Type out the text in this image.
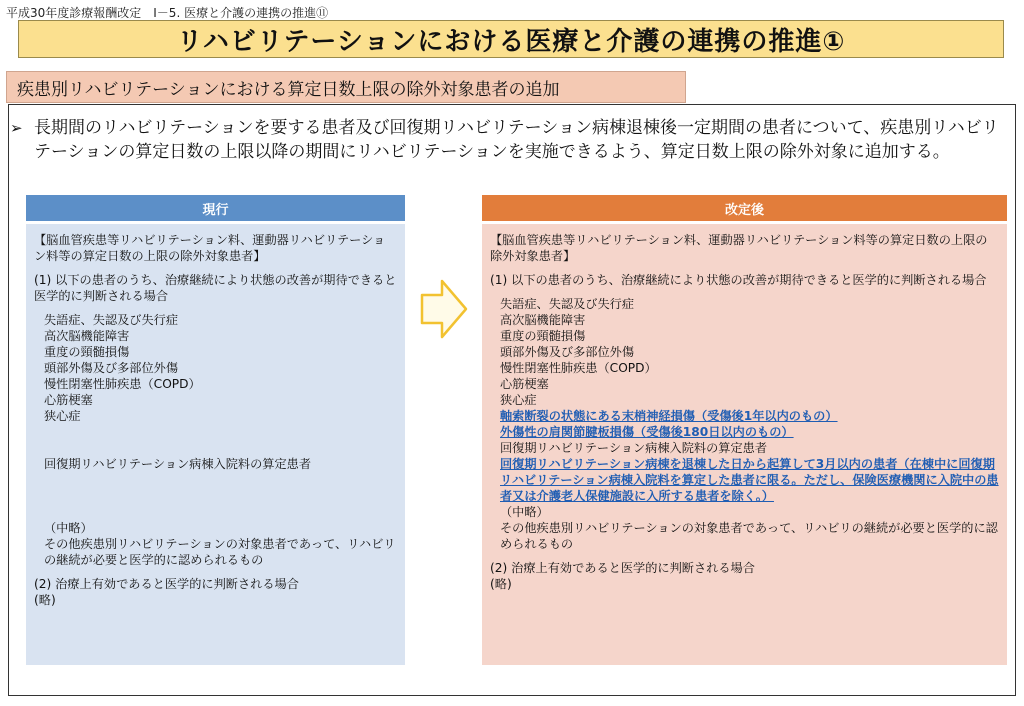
平成30年度診療報酬改定　Ⅰ－5. 医療と介護の連携の推進⑪
リハビリテーションにおける医療と介護の連携の推進①
疾患別リハビリテーションにおける算定日数上限の除外対象患者の追加
➢ 長期間のリハビリテーションを要する患者及び回復期リハビリテーション病棟退棟後一定期間の患者について、疾患別リハビリテーションの算定日数の上限以降の期間にリハビリテーションを実施できるよう、算定日数上限の除外対象に追加する。
現行

【脳血管疾患等リハビリテーション料、運動器リハビリテーション料等の算定日数の上限の除外対象患者】

(1) 以下の患者のうち、治療継続により状態の改善が期待できると医学的に判断される場合

失語症、失認及び失行症
高次脳機能障害
重度の頸髄損傷
頭部外傷及び多部位外傷
慢性閉塞性肺疾患（COPD）
心筋梗塞
狭心症
回復期リハビリテーション病棟入院料の算定患者
（中略）
その他疾患別リハビリテーションの対象患者であって、リハビリの継続が必要と医学的に認められるもの

(2) 治療上有効であると医学的に判断される場合

(略)

改定後

【脳血管疾患等リハビリテーション料、運動器リハビリテーション料等の算定日数の上限の除外対象患者】

(1) 以下の患者のうち、治療継続により状態の改善が期待できると医学的に判断される場合

失語症、失認及び失行症
高次脳機能障害
重度の頸髄損傷
頭部外傷及び多部位外傷
慢性閉塞性肺疾患（COPD）
心筋梗塞
狭心症
軸索断裂の状態にある末梢神経損傷（受傷後1年以内のもの）
外傷性の肩関節腱板損傷（受傷後180日以内のもの）
回復期リハビリテーション病棟入院料の算定患者
回復期リハビリテーション病棟を退棟した日から起算して3月以内の患者（在棟中に回復期リハビリテーション病棟入院料を算定した患者に限る。ただし、保険医療機関に入院中の患者又は介護老人保健施設に入所する患者を除く。）
（中略）
その他疾患別リハビリテーションの対象患者であって、リハビリの継続が必要と医学的に認められるもの

(2) 治療上有効であると医学的に判断される場合

(略)
